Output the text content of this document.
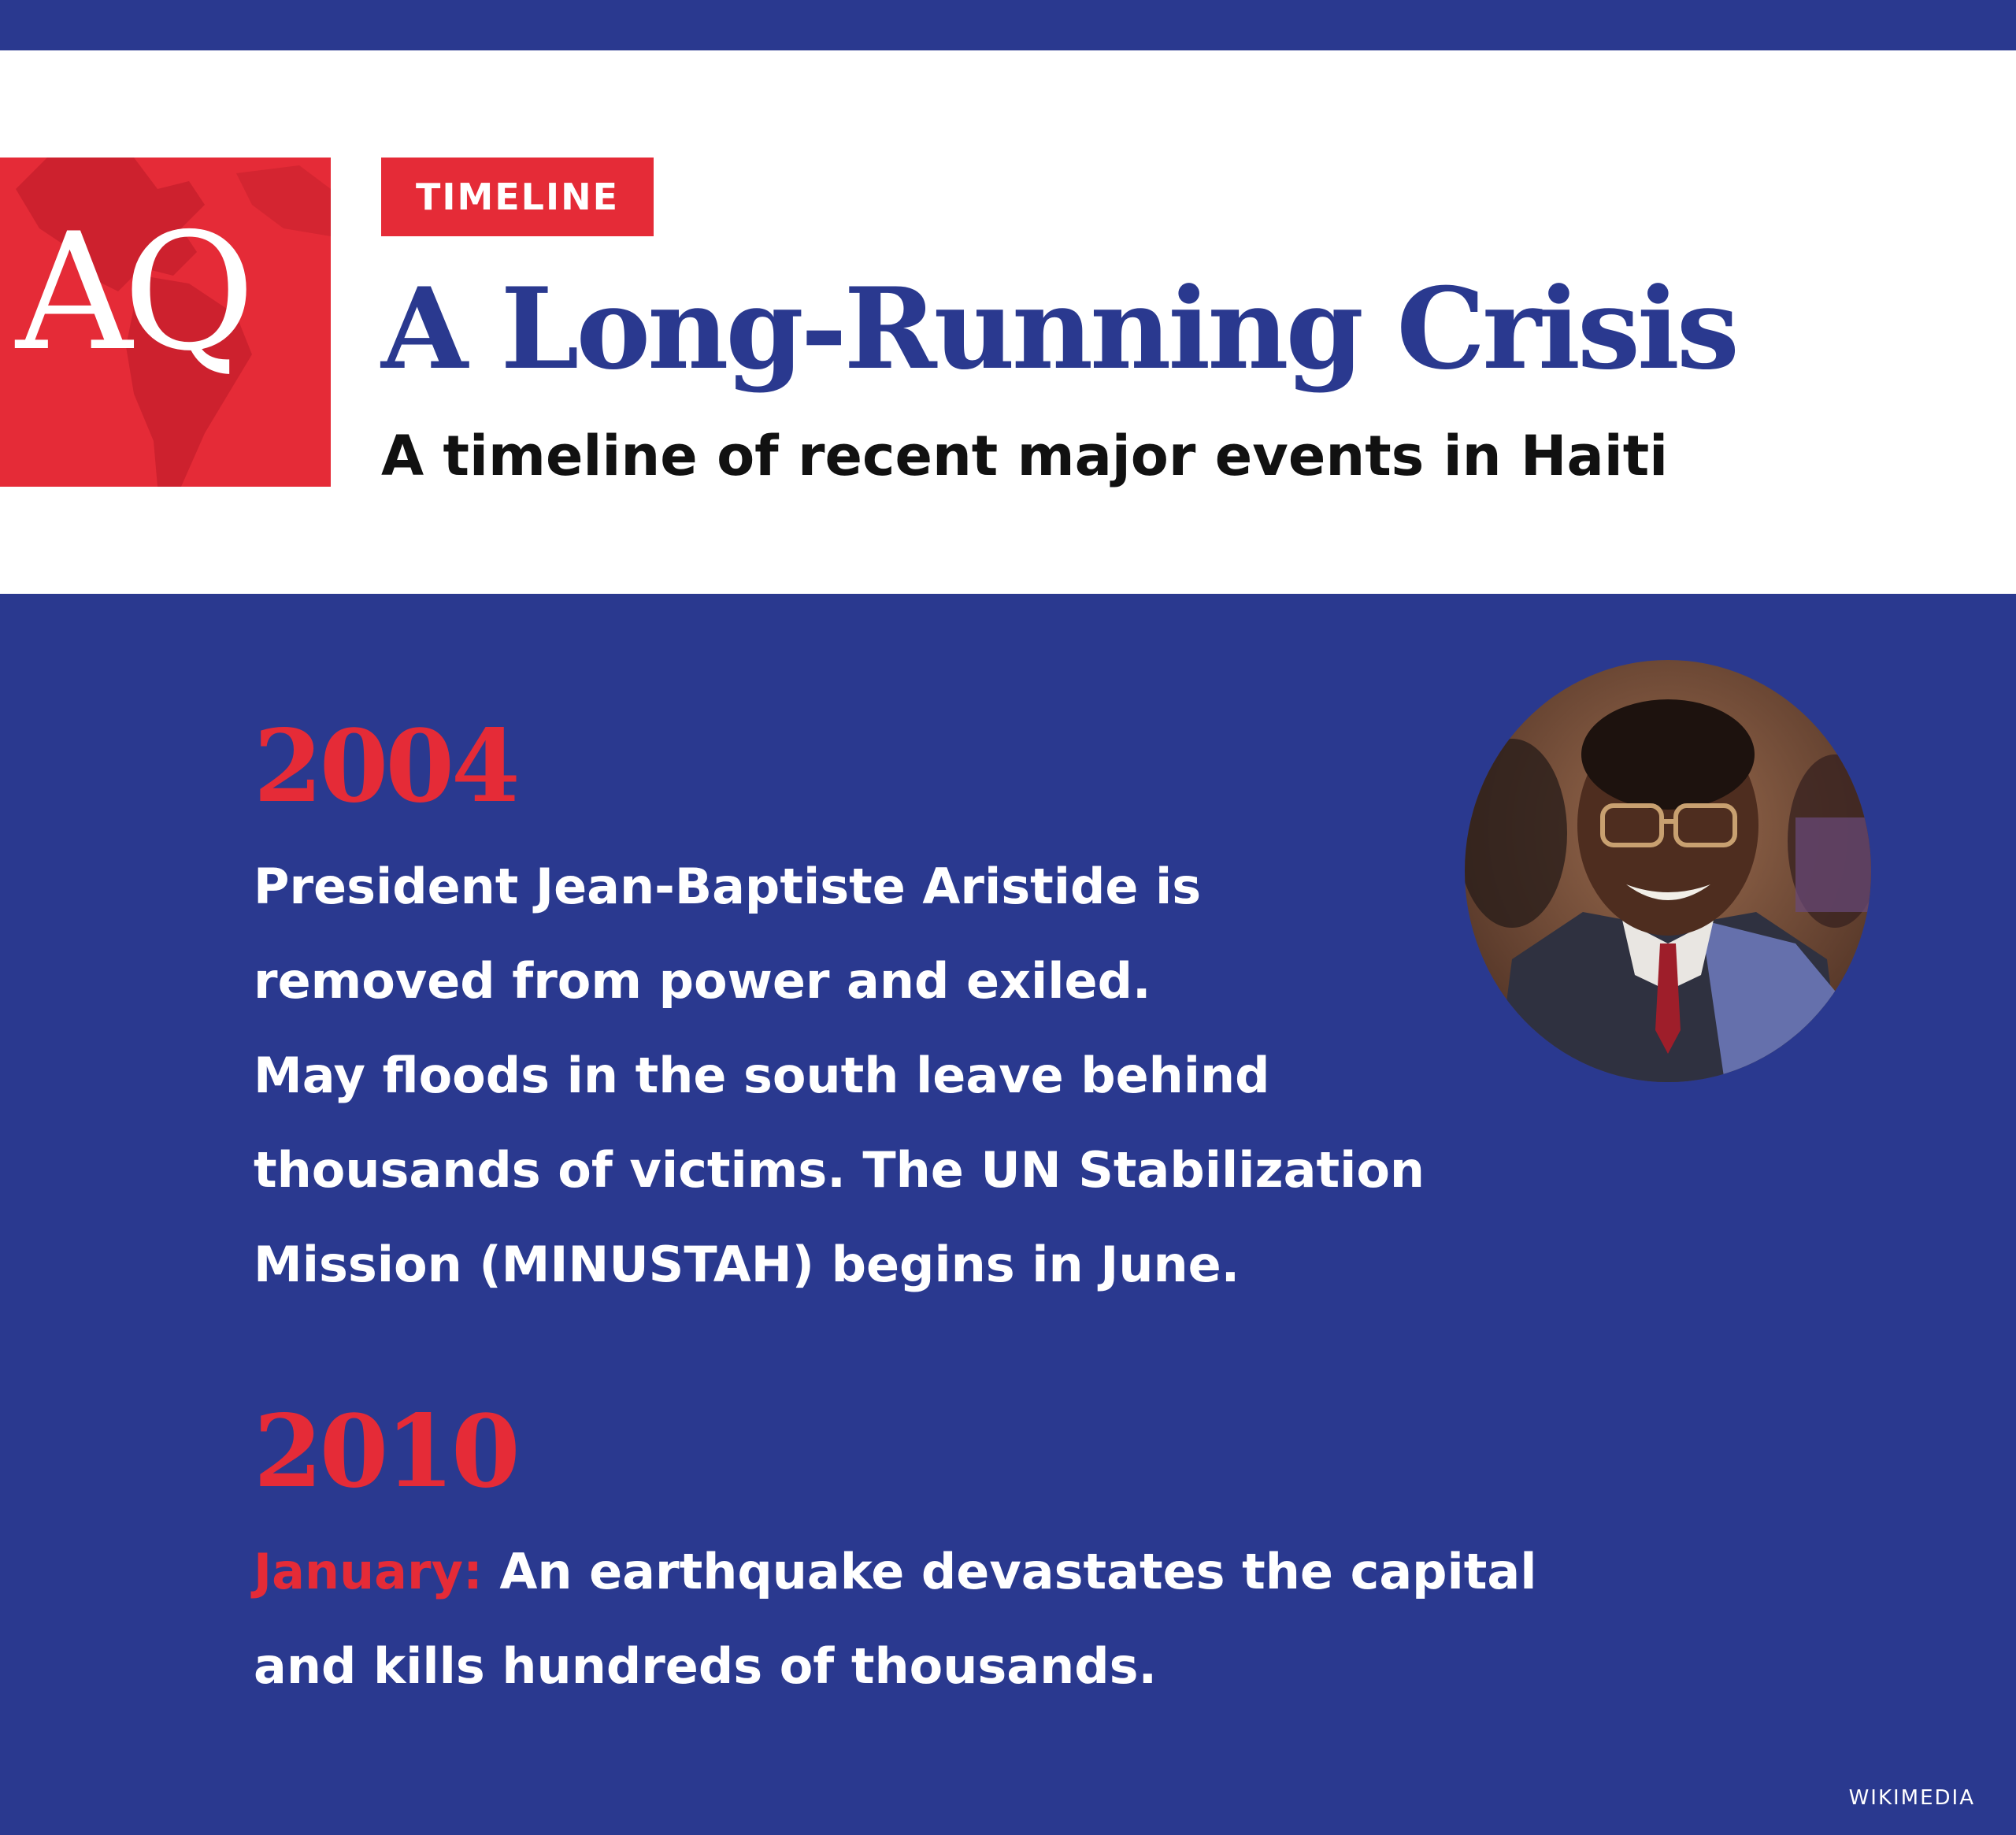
AQ
TIMELINE
A Long-Running Crisis
A timeline of recent major events in Haiti
2004
President Jean-Baptiste Aristide is
removed from power and exiled.
May floods in the south leave behind
thousands of victims. The UN Stabilization
Mission (MINUSTAH) begins in June.
2010
January: An earthquake devastates the capital
and kills hundreds of thousands.
WIKIMEDIA
